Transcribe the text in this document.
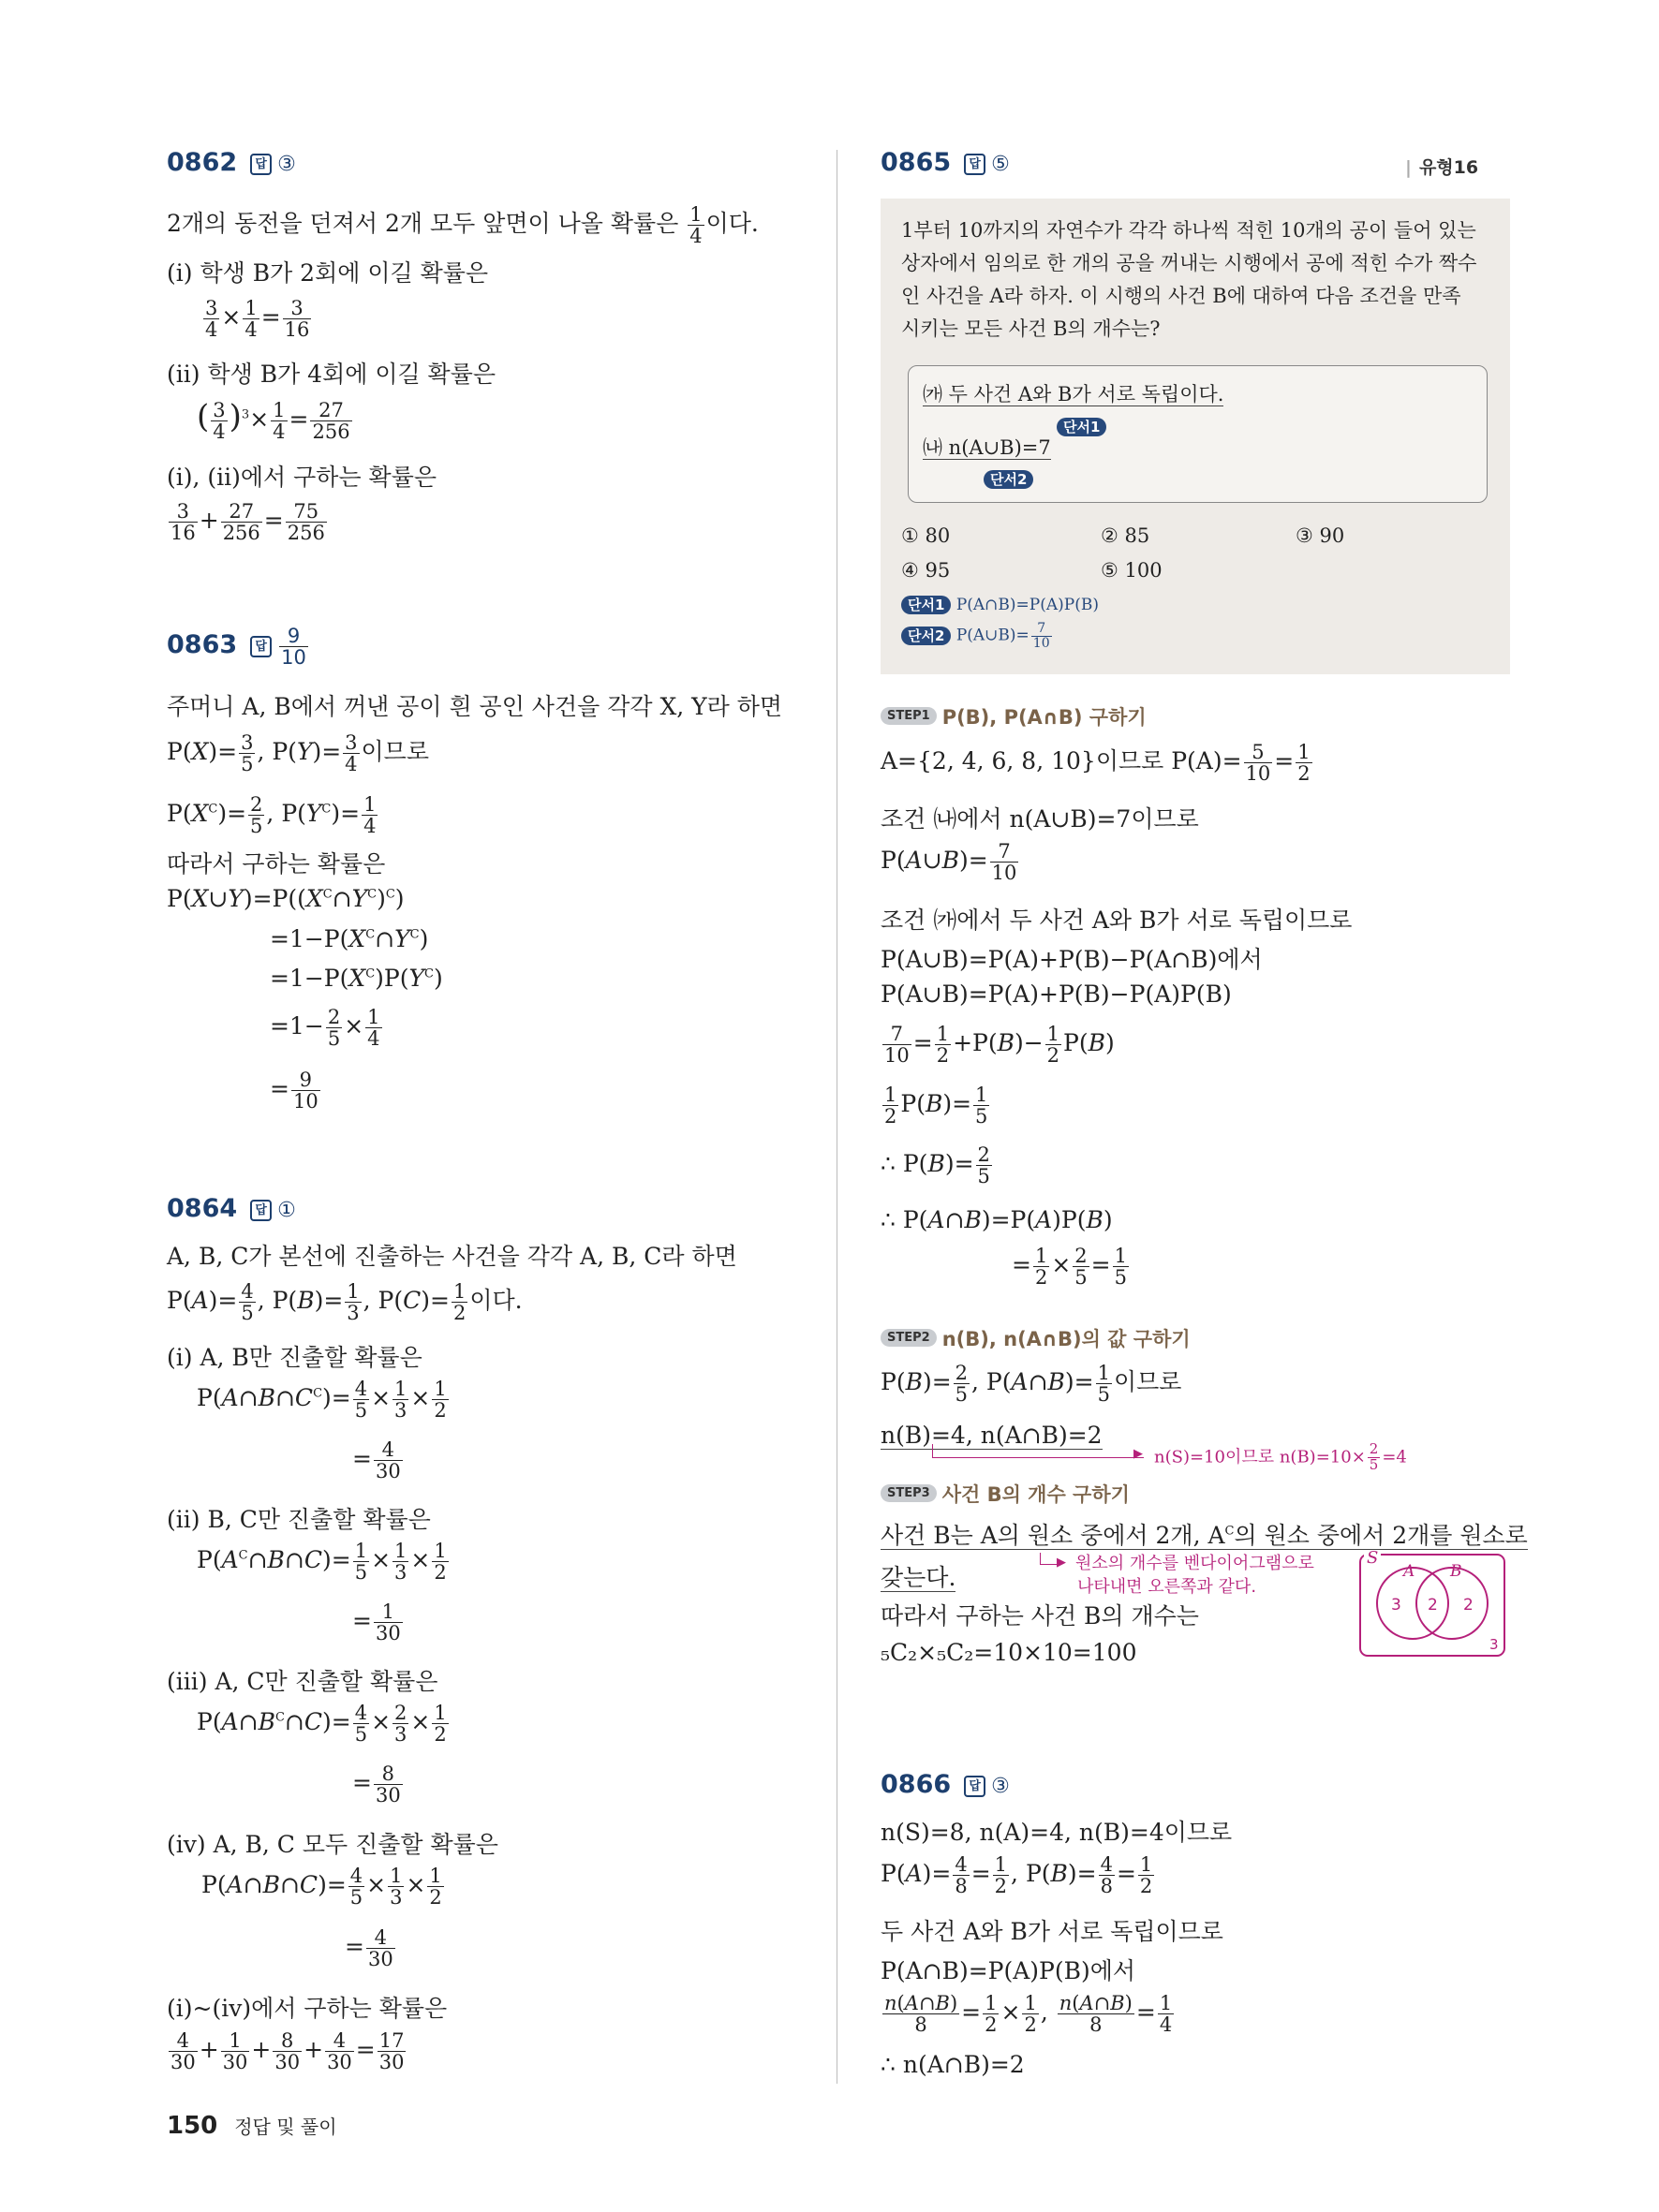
0862 답 ③
2개의 동전을 던져서 2개 모두 앞면이 나올 확률은 $\frac{1}{4}$ 이다.
(ⅰ) 학생 B가 2회에 이길 확률은
$\frac{3}{4} \times \frac{1}{4} = \frac{3}{16}$
(ⅱ) 학생 B가 4회에 이길 확률은
( $\frac{3}{4} )^3\times \frac{1}{4} = \frac{27}{256}$
(ⅰ), (ⅱ)에서 구하는 확률은
$\frac{3}{16} + \frac{27}{256} = \frac{75}{256}$
0863 답 $\frac{9}{10}$
주머니 A, B에서 꺼낸 공이 흰 공인 사건을 각각 X, Y라 하면
$P(X)= \frac{3}{5}$ , $P(Y)= \frac{3}{4}$ 이므로
$P(X^C)= \frac{2}{5}$ , $P(Y^C)= \frac{1}{4}$
따라서 구하는 확률은
$P(X\cup Y)=P((X^C\cap Y^C)^C)$
$=1-P(X^C\cap Y^C)$
$=1-P(X^C)P(Y^C)$
$=1- \frac{2}{5} \times \frac{1}{4}$
= $\frac{9}{10}$
0864 답 ①
A, B, C가 본선에 진출하는 사건을 각각 A, B, C라 하면
$P(A)= \frac{4}{5}$ , $P(B)= \frac{1}{3}$ , $P(C)= \frac{1}{2}$ 이다.
(ⅰ) A, B만 진출할 확률은
$P(A\cap B\cap C^C)= \frac{4}{5} \times \frac{1}{3} \times \frac{1}{2}$
= $\frac{4}{30}$
(ⅱ) B, C만 진출할 확률은
$P(A^C\cap B\cap C)= \frac{1}{5} \times \frac{1}{3} \times \frac{1}{2}$
= $\frac{1}{30}$
(ⅲ) A, C만 진출할 확률은
$P(A\cap B^C\cap C)= \frac{4}{5} \times \frac{2}{3} \times \frac{1}{2}$
= $\frac{8}{30}$
(ⅳ) A, B, C 모두 진출할 확률은
P(A∩B∩C)= $\frac{4}{5} \times \frac{1}{3} \times \frac{1}{2}$
= $\frac{4}{30}$
(ⅰ)~(ⅳ)에서 구하는 확률은
$\frac{4}{30} + \frac{1}{30} + \frac{8}{30} + \frac{4}{30} = \frac{17}{30}$
150 정답 및 풀이
0865 답 ⑤	| 유형16
1부터 10까지의 자연수가 각각 하나씩 적힌 10개의 공이 들어 있는
상자에서 임의로 한 개의 공을 꺼내는 시행에서 공에 적힌 수가 짝수
인 사건을 A라 하자. 이 시행의 사건 B에 대하여 다음 조건을 만족
시키는 모든 사건 B의 개수는?
㈎ 두 사건 A와 B가 서로 독립이다.
단서1
㈏ n(A∪B)=7
단서2
① 80	② 85	③ 90
④ 95	⑤ 100
단서1 P(A∩B)=P(A)P(B)
단서2 P(A∪B)= $\frac{7}{10}$
STEP1 P(B), P(A∩B) 구하기
A={2, 4, 6, 8, 10}이므로 $P(A)= \frac{5}{10} = \frac{1}{2}$
조건 ㈏에서 n(A∪B)=7이므로
P(A∪B)= $\frac{7}{10}$
조건 ㈎에서 두 사건 A와 B가 서로 독립이므로
P(A∪B)=P(A)+P(B)−P(A∩B)에서
P(A∪B)=P(A)+P(B)−P(A)P(B)
$\frac{7}{10} = \frac{1}{2} +P(B)- \frac{1}{2} P(B)$
$\frac{1}{2} P(B)= \frac{1}{5}$
∴ $P(B)= \frac{2}{5}$
∴ P(A∩B)=P(A)P(B)
= $\frac{1}{2} \times \frac{2}{5} = \frac{1}{5}$
STEP2 n(B), n(A∩B)의 값 구하기
$P(B)= \frac{2}{5}$ , P(A∩B)= $\frac{1}{5}$ 이므로
n(B)=4, n(A∩B)=2
▶ n(S)=10이므로 $n(B)=10\times \frac{2}{5} =4$
STEP3 사건 B의 개수 구하기
사건 B는 A의 원소 중에서 2개, $A^C$의 원소 중에서 2개를 원소로
갖는다.
▶ 원소의 개수를 벤다이어그램으로
나타내면 오른쪽과 같다.
따라서 구하는 사건 B의 개수는
₅C₂×₅C₂=10×10=100
S
A B
3 2 2
3
0866 답 ③
n(S)=8, n(A)=4, n(B)=4이므로
$P(A)= \frac{4}{8} = \frac{1}{2}$ , $P(B)= \frac{4}{8} = \frac{1}{2}$
두 사건 A와 B가 서로 독립이므로
P(A∩B)=P(A)P(B)에서
$\frac{n(A\cap B)}{8} = \frac{1}{2} \times \frac{1}{2}$ , $\frac{n(A\cap B)}{8} = \frac{1}{4}$
∴ n(A∩B)=2
